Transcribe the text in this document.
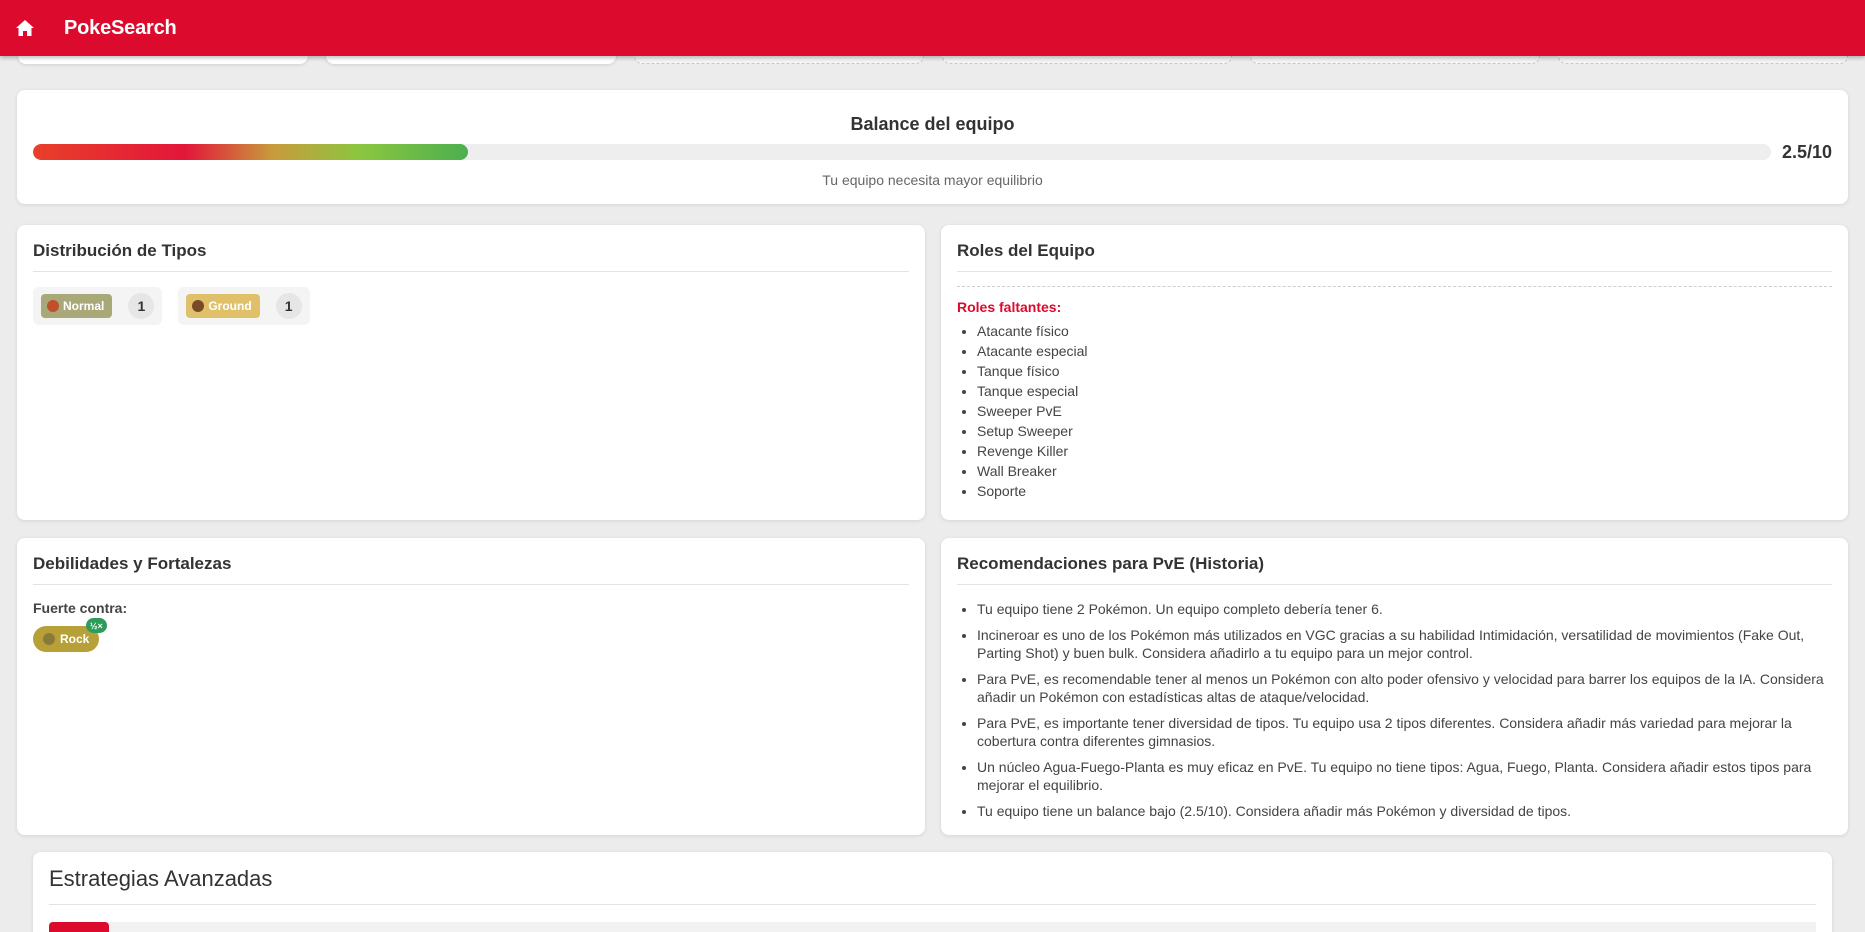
PokeSearch
Balance del equipo
2.5/10
Tu equipo necesita mayor equilibrio
Distribución de Tipos
Normal	1	Ground	1
Roles del Equipo
Roles faltantes:
• Atacante físico
• Atacante especial
• Tanque físico
• Tanque especial
• Sweeper PvE
• Setup Sweeper
• Revenge Killer
• Wall Breaker
• Soporte
Debilidades y Fortalezas
Fuerte contra:
Rock
½×
Recomendaciones para PvE (Historia)
• Tu equipo tiene 2 Pokémon. Un equipo completo debería tener 6.
• Incineroar es uno de los Pokémon más utilizados en VGC gracias a su habilidad Intimidación, versatilidad de movimientos (Fake Out, Parting Shot) y buen bulk. Considera añadirlo a tu equipo para un mejor control.
• Para PvE, es recomendable tener al menos un Pokémon con alto poder ofensivo y velocidad para barrer los equipos de la IA. Considera añadir un Pokémon con estadísticas altas de ataque/velocidad.
• Para PvE, es importante tener diversidad de tipos. Tu equipo usa 2 tipos diferentes. Considera añadir más variedad para mejorar la cobertura contra diferentes gimnasios.
• Un núcleo Agua-Fuego-Planta es muy eficaz en PvE. Tu equipo no tiene tipos: Agua, Fuego, Planta. Considera añadir estos tipos para mejorar el equilibrio.
• Tu equipo tiene un balance bajo (2.5/10). Considera añadir más Pokémon y diversidad de tipos.
Estrategias Avanzadas
